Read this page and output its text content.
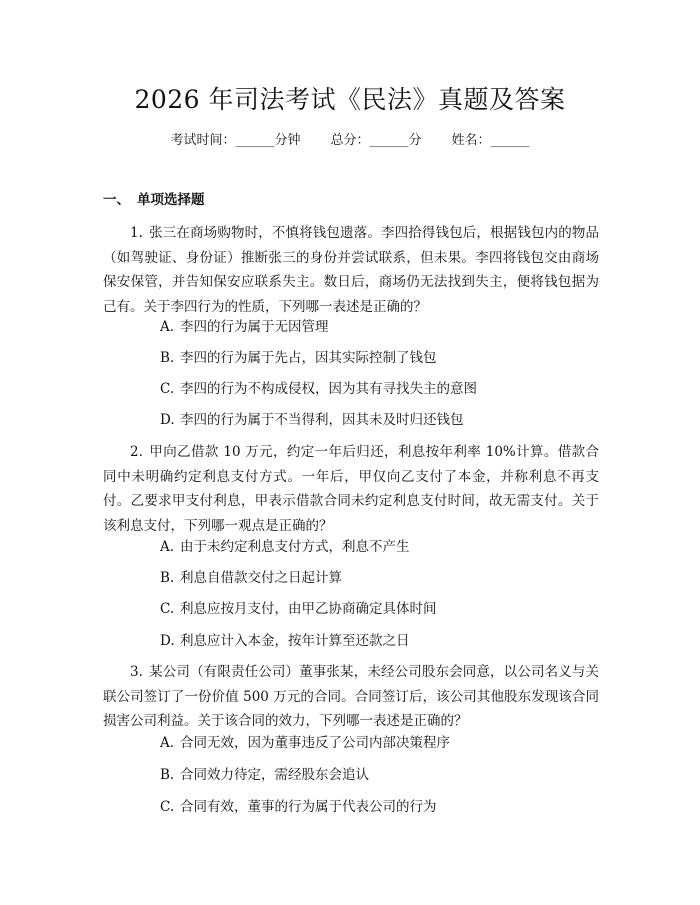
2026 年司法考试《民法》真题及答案
考试时间：______分钟 总分：______分 姓名：______
一、 单项选择题
1. 张三在商场购物时，不慎将钱包遗落。李四拾得钱包后，根据钱包内的物品（如驾驶证、身份证）推断张三的身份并尝试联系，但未果。李四将钱包交由商场保安保管，并告知保安应联系失主。数日后，商场仍无法找到失主，便将钱包据为己有。关于李四行为的性质，下列哪一表述是正确的？
A. 李四的行为属于无因管理
B. 李四的行为属于先占，因其实际控制了钱包
C. 李四的行为不构成侵权，因为其有寻找失主的意图
D. 李四的行为属于不当得利，因其未及时归还钱包
2. 甲向乙借款 10 万元，约定一年后归还，利息按年利率 10%计算。借款合同中未明确约定利息支付方式。一年后，甲仅向乙支付了本金，并称利息不再支付。乙要求甲支付利息，甲表示借款合同未约定利息支付时间，故无需支付。关于该利息支付，下列哪一观点是正确的？
A. 由于未约定利息支付方式，利息不产生
B. 利息自借款交付之日起计算
C. 利息应按月支付，由甲乙协商确定具体时间
D. 利息应计入本金，按年计算至还款之日
3. 某公司（有限责任公司）董事张某，未经公司股东会同意，以公司名义与关联公司签订了一份价值 500 万元的合同。合同签订后，该公司其他股东发现该合同损害公司利益。关于该合同的效力，下列哪一表述是正确的？
A. 合同无效，因为董事违反了公司内部决策程序
B. 合同效力待定，需经股东会追认
C. 合同有效，董事的行为属于代表公司的行为
